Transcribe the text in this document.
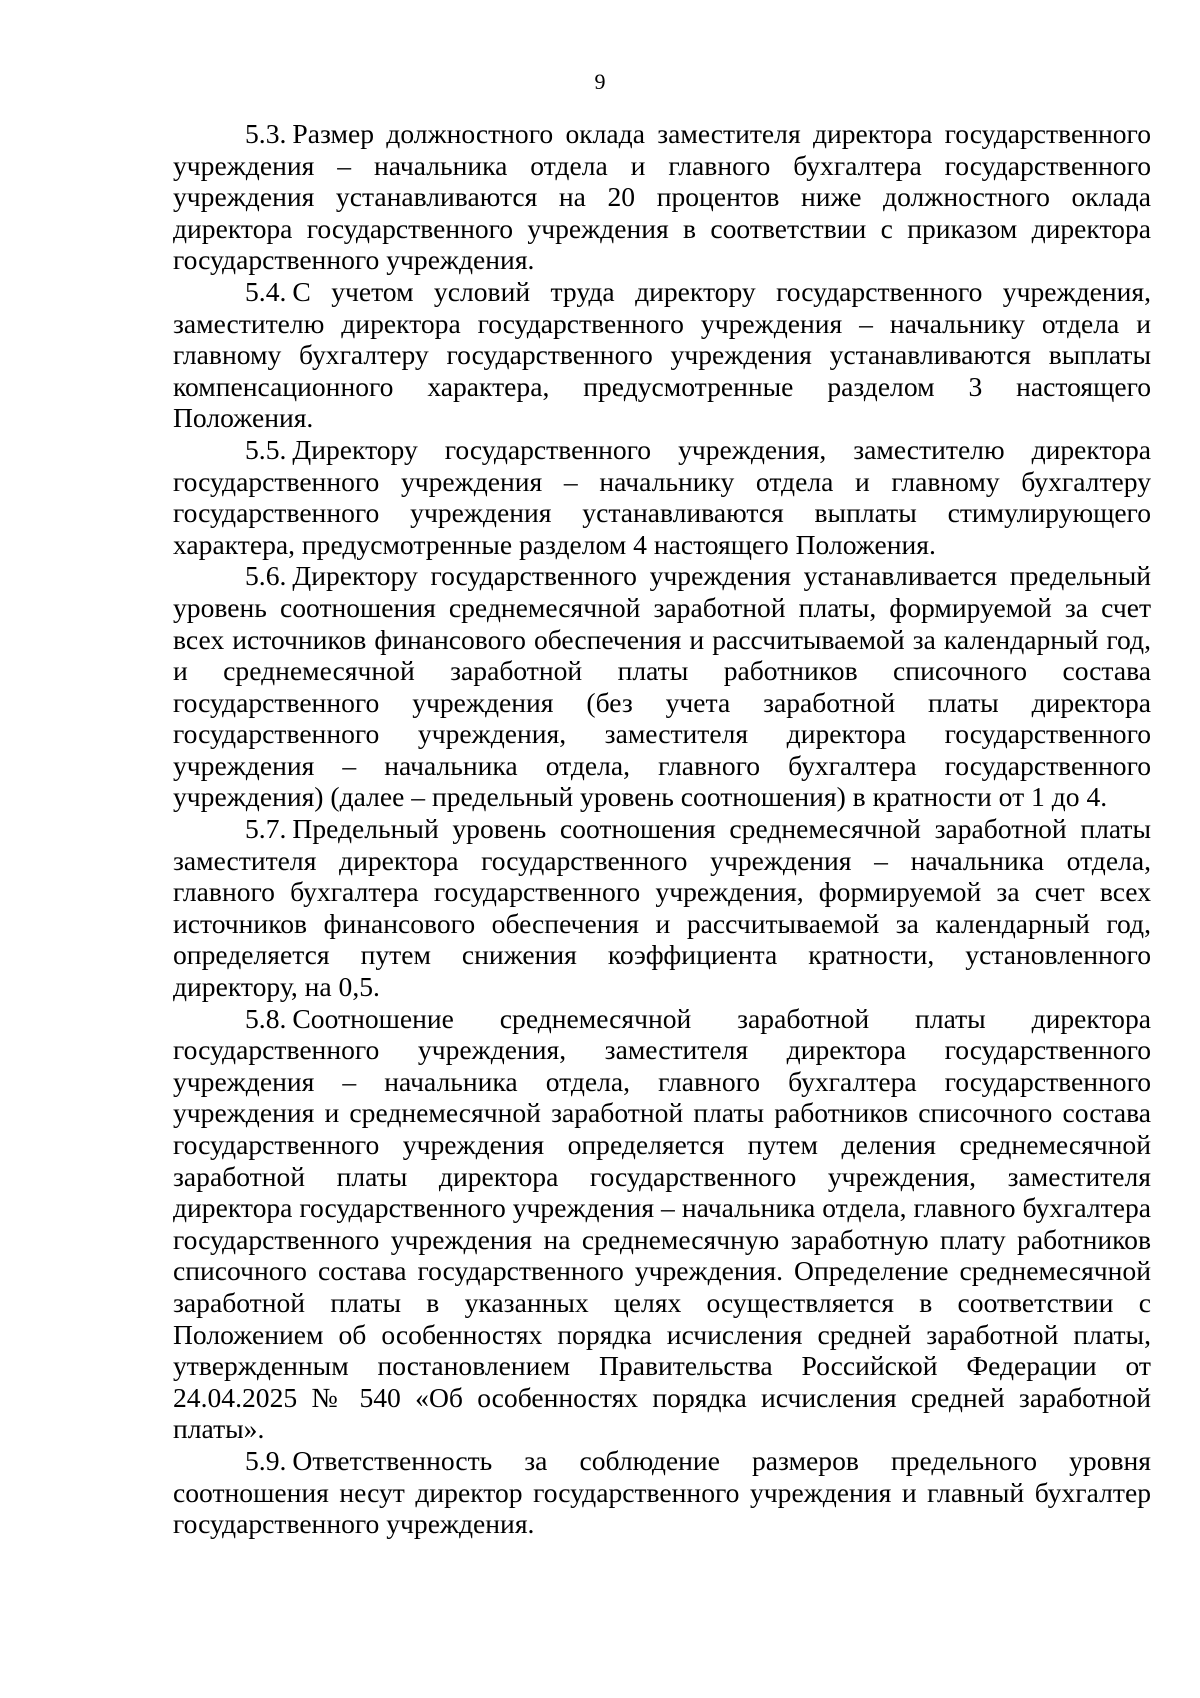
9

5.3. Размер должностного оклада заместителя директора государственного учреждения – начальника отдела и главного бухгалтера государственного учреждения устанавливаются на 20 процентов ниже должностного оклада директора государственного учреждения в соответствии с приказом директора государственного учреждения.

5.4. С учетом условий труда директору государственного учреждения, заместителю директора государственного учреждения – начальнику отдела и главному бухгалтеру государственного учреждения устанавливаются выплаты компенсационного характера, предусмотренные разделом 3 настоящего Положения.

5.5. Директору государственного учреждения, заместителю директора государственного учреждения – начальнику отдела и главному бухгалтеру государственного учреждения устанавливаются выплаты стимулирующего характера, предусмотренные разделом 4 настоящего Положения.

5.6. Директору государственного учреждения устанавливается предельный уровень соотношения среднемесячной заработной платы, формируемой за счет всех источников финансового обеспечения и рассчитываемой за календарный год, и среднемесячной заработной платы работников списочного состава государственного учреждения (без учета заработной платы директора государственного учреждения, заместителя директора государственного учреждения – начальника отдела, главного бухгалтера государственного учреждения) (далее – предельный уровень соотношения) в кратности от 1 до 4.

5.7. Предельный уровень соотношения среднемесячной заработной платы заместителя директора государственного учреждения – начальника отдела, главного бухгалтера государственного учреждения, формируемой за счет всех источников финансового обеспечения и рассчитываемой за календарный год, определяется путем снижения коэффициента кратности, установленного директору, на 0,5.

5.8. Соотношение среднемесячной заработной платы директора государственного учреждения, заместителя директора государственного учреждения – начальника отдела, главного бухгалтера государственного учреждения и среднемесячной заработной платы работников списочного состава государственного учреждения определяется путем деления среднемесячной заработной платы директора государственного учреждения, заместителя директора государственного учреждения – начальника отдела, главного бухгалтера государственного учреждения на среднемесячную заработную плату работников списочного состава государственного учреждения. Определение среднемесячной заработной платы в указанных целях осуществляется в соответствии с Положением об особенностях порядка исчисления средней заработной платы, утвержденным постановлением Правительства Российской Федерации от 24.04.2025 № 540 «Об особенностях порядка исчисления средней заработной платы».

5.9. Ответственность за соблюдение размеров предельного уровня соотношения несут директор государственного учреждения и главный бухгалтер государственного учреждения.
